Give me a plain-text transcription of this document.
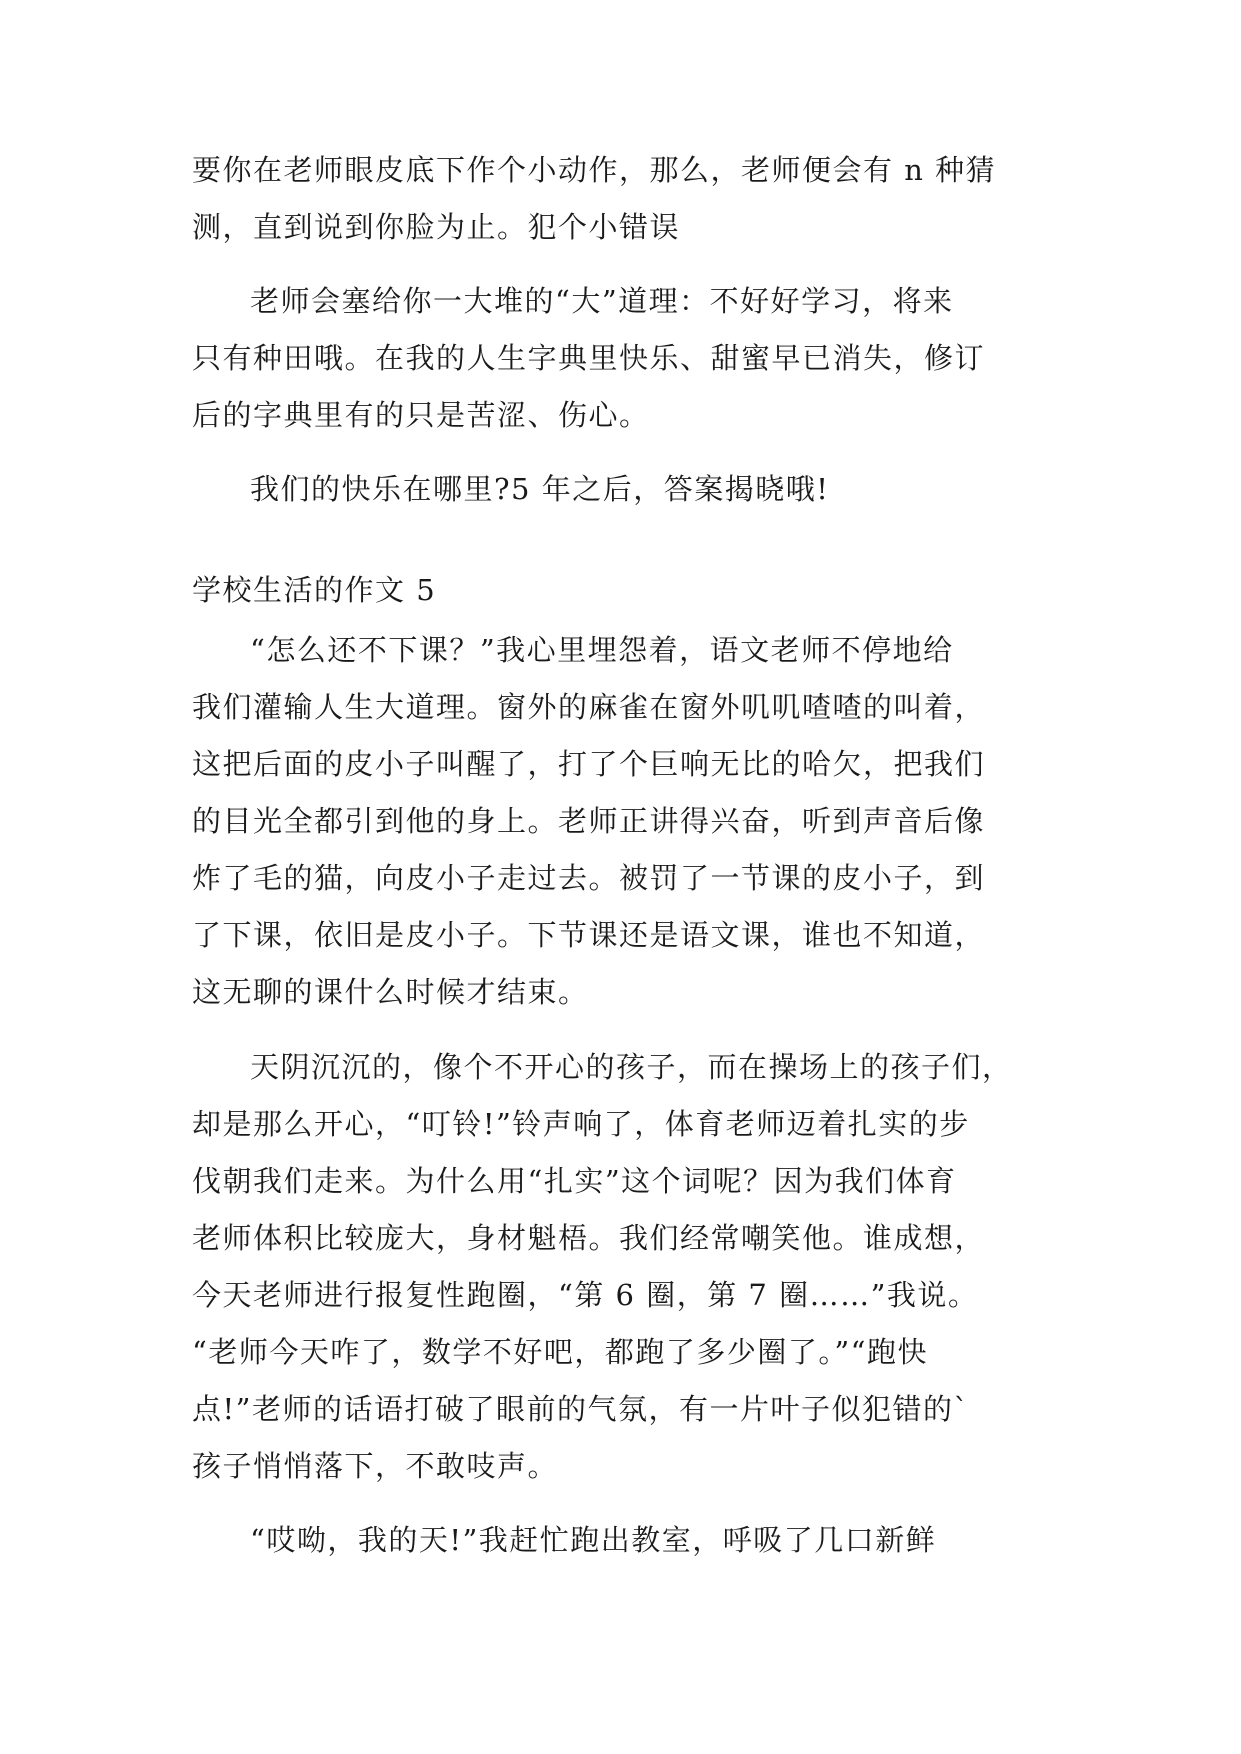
要你在老师眼皮底下作个小动作，那么，老师便会有 n 种猜
测，直到说到你脸为止。犯个小错误
老师会塞给你一大堆的“大”道理：不好好学习，将来
只有种田哦。在我的人生字典里快乐、甜蜜早已消失，修订
后的字典里有的只是苦涩、伤心。
我们的快乐在哪里?5 年之后，答案揭晓哦!
学校生活的作文 5
“怎么还不下课？”我心里埋怨着，语文老师不停地给
我们灌输人生大道理。窗外的麻雀在窗外叽叽喳喳的叫着，
这把后面的皮小子叫醒了，打了个巨响无比的哈欠，把我们
的目光全都引到他的身上。老师正讲得兴奋，听到声音后像
炸了毛的猫，向皮小子走过去。被罚了一节课的皮小子，到
了下课，依旧是皮小子。下节课还是语文课，谁也不知道，
这无聊的课什么时候才结束。
天阴沉沉的，像个不开心的孩子，而在操场上的孩子们，
却是那么开心，“叮铃!”铃声响了，体育老师迈着扎实的步
伐朝我们走来。为什么用“扎实”这个词呢？因为我们体育
老师体积比较庞大，身材魁梧。我们经常嘲笑他。谁成想，
今天老师进行报复性跑圈，“第 6 圈，第 7 圈……”我说。
“老师今天咋了，数学不好吧，都跑了多少圈了。”“跑快
点!”老师的话语打破了眼前的气氛，有一片叶子似犯错的`
孩子悄悄落下，不敢吱声。
“哎呦，我的天!”我赶忙跑出教室，呼吸了几口新鲜
